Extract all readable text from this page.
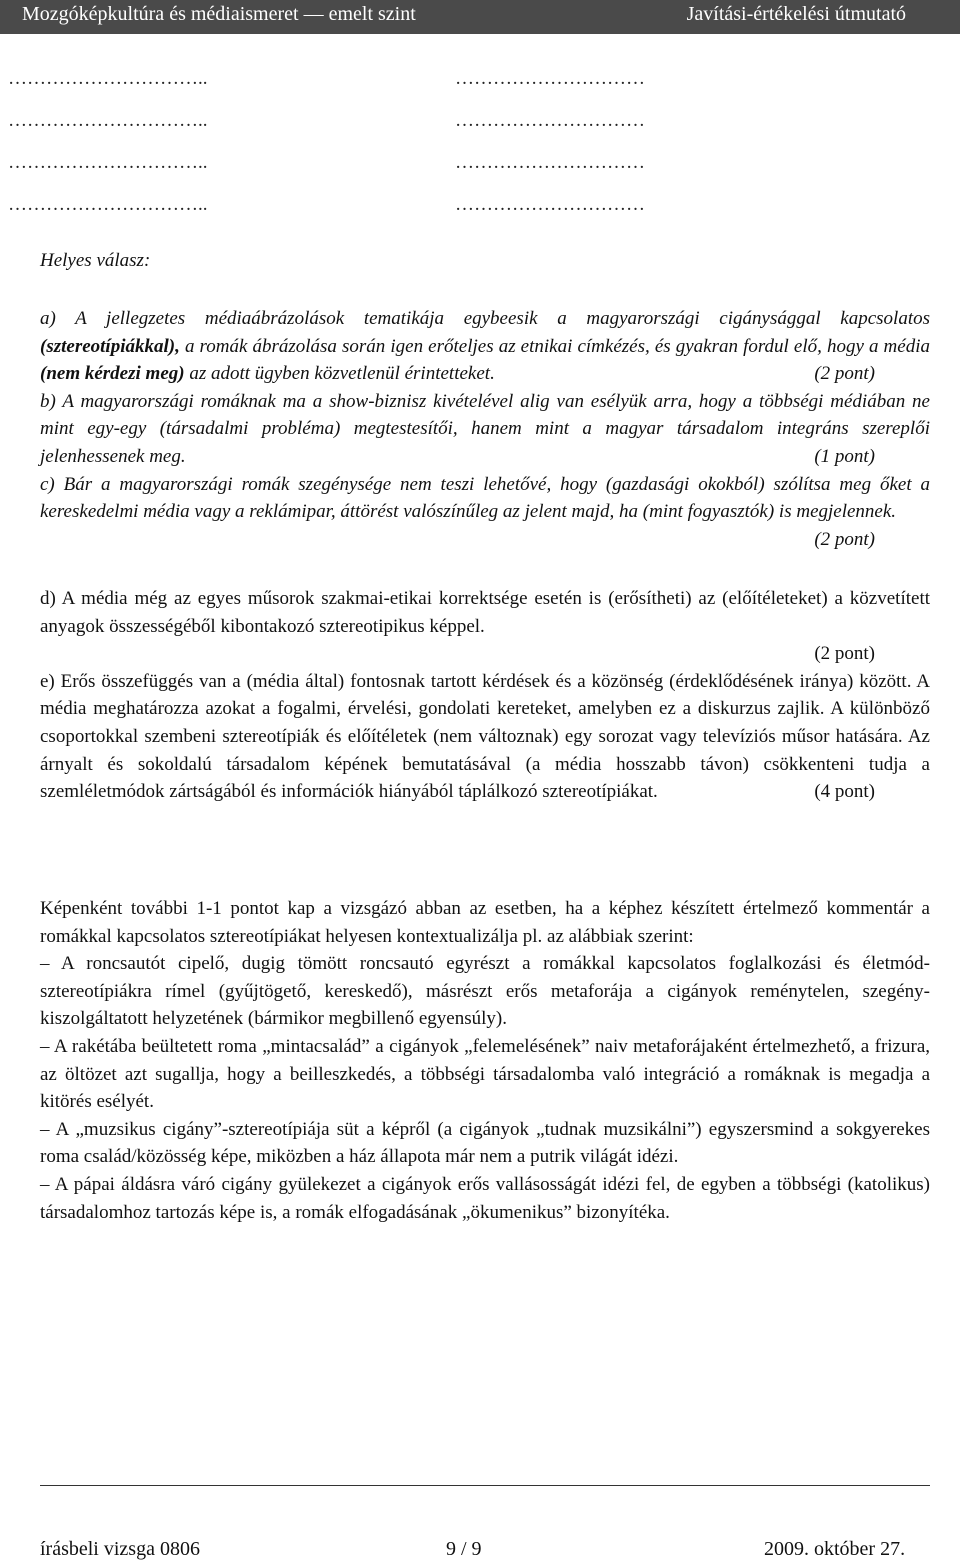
Mozgóképkultúra és médiaismeret — emelt szint	Javítási-értékelési útmutató
…………………………..	…………………………
…………………………..	…………………………
…………………………..	…………………………
…………………………..	…………………………

Helyes válasz:

a) A jellegzetes médiaábrázolások tematikája egybeesik a magyarországi cigánysággal kapcsolatos (sztereotípiákkal), a romák ábrázolása során igen erőteljes az etnikai címkézés, és gyakran fordul elő, hogy a média (nem kérdezi meg) az adott ügyben közvetlenül érintetteket.	(2 pont)

b) A magyarországi romáknak ma a show-biznisz kivételével alig van esélyük arra, hogy a többségi médiában ne mint egy-egy (társadalmi probléma) megtestesítői, hanem mint a magyar társadalom integráns szereplői jelenhessenek meg.	(1 pont)

c) Bár a magyarországi romák szegénysége nem teszi lehetővé, hogy (gazdasági okokból) szólítsa meg őket a kereskedelmi média vagy a reklámipar, áttörést valószínűleg az jelent majd, ha (mint fogyasztók) is megjelennek.
(2 pont)

d) A média még az egyes műsorok szakmai-etikai korrektsége esetén is (erősítheti) az (előítéleteket) a közvetített anyagok összességéből kibontakozó sztereotipikus képpel.

(2 pont)

e) Erős összefüggés van a (média által) fontosnak tartott kérdések és a közönség (érdeklődésének iránya) között. A média meghatározza azokat a fogalmi, érvelési, gondolati kereteket, amelyben ez a diskurzus zajlik. A különböző csoportokkal szembeni sztereotípiák és előítéletek (nem változnak) egy sorozat vagy televíziós műsor hatására. Az árnyalt és sokoldalú társadalom képének bemutatásával (a média hosszabb távon) csökkenteni tudja a szemléletmódok zártságából és információk hiányából táplálkozó sztereotípiákat.	(4 pont)

Képenként további 1-1 pontot kap a vizsgázó abban az esetben, ha a képhez készített értelmező kommentár a romákkal kapcsolatos sztereotípiákat helyesen kontextualizálja pl. az alábbiak szerint:

– A roncsautót cipelő, dugig tömött roncsautó egyrészt a romákkal kapcsolatos foglalkozási és életmód-sztereotípiákra rímel (gyűjtögető, kereskedő), másrészt erős metaforája a cigányok reménytelen, szegény-kiszolgáltatott helyzetének (bármikor megbillenő egyensúly).

– A rakétába beültetett roma „mintacsalád” a cigányok „felemelésének” naiv metaforájaként értelmezhető, a frizura, az öltözet azt sugallja, hogy a beilleszkedés, a többségi társadalomba való integráció a romáknak is megadja a kitörés esélyét.

– A „muzsikus cigány”-sztereotípiája süt a képről (a cigányok „tudnak muzsikálni”) egyszersmind a sokgyerekes roma család/közösség képe, miközben a ház állapota már nem a putrik világát idézi.

– A pápai áldásra váró cigány gyülekezet a cigányok erős vallásosságát idézi fel, de egyben a többségi (katolikus) társadalomhoz tartozás képe is, a romák elfogadásának „ökumenikus” bizonyítéka.

írásbeli vizsga 0806	9 / 9	2009. október 27.
